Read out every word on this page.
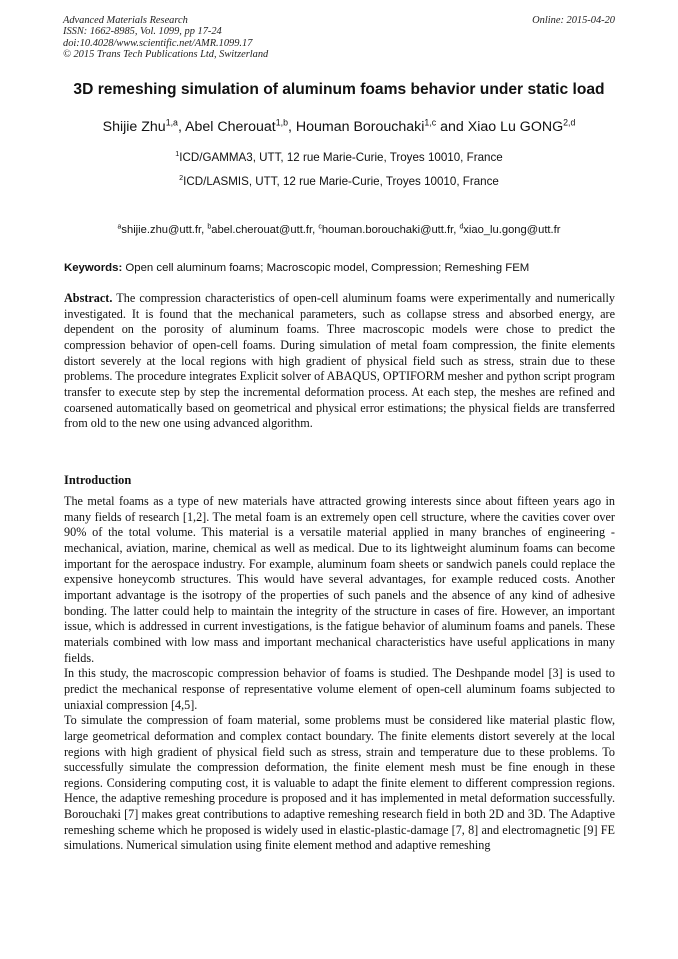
Advanced Materials Research
ISSN: 1662-8985, Vol. 1099, pp 17-24
doi:10.4028/www.scientific.net/AMR.1099.17
© 2015 Trans Tech Publications Ltd, Switzerland
Online: 2015-04-20
3D remeshing simulation of aluminum foams behavior under static load
Shijie Zhu$^{1,a}$, Abel Cherouat$^{1,b}$, Houman Borouchaki$^{1,c}$ and Xiao Lu GONG$^{2,d}$
$^1$ICD/GAMMA3, UTT, 12 rue Marie-Curie, Troyes 10010, France
$^2$ICD/LASMIS, UTT, 12 rue Marie-Curie, Troyes 10010, France
$^a$shijie.zhu@utt.fr, $^b$abel.cherouat@utt.fr, $^c$houman.borouchaki@utt.fr, $^d$xiao_lu.gong@utt.fr
Keywords: Open cell aluminum foams; Macroscopic model, Compression; Remeshing FEM

Abstract. The compression characteristics of open-cell aluminum foams were experimentally and numerically investigated. It is found that the mechanical parameters, such as collapse stress and absorbed energy, are dependent on the porosity of aluminum foams. Three macroscopic models were chose to predict the compression behavior of open-cell foams. During simulation of metal foam compression, the finite elements distort severely at the local regions with high gradient of physical field such as stress, strain due to these problems. The procedure integrates Explicit solver of ABAQUS, OPTIFORM mesher and python script program transfer to execute step by step the incremental deformation process. At each step, the meshes are refined and coarsened automatically based on geometrical and physical error estimations; the physical fields are transferred from old to the new one using advanced algorithm.

Introduction

The metal foams as a type of new materials have attracted growing interests since about fifteen years ago in many fields of research [1,2]. The metal foam is an extremely open cell structure, where the cavities cover over 90% of the total volume. This material is a versatile material applied in many branches of engineering - mechanical, aviation, marine, chemical as well as medical. Due to its lightweight aluminum foams can become important for the aerospace industry. For example, aluminum foam sheets or sandwich panels could replace the expensive honeycomb structures. This would have several advantages, for example reduced costs. Another important advantage is the isotropy of the properties of such panels and the absence of any kind of adhesive bonding. The latter could help to maintain the integrity of the structure in cases of fire. However, an important issue, which is addressed in current investigations, is the fatigue behavior of aluminum foams and panels. These materials combined with low mass and important mechanical characteristics have useful applications in many fields.

In this study, the macroscopic compression behavior of foams is studied. The Deshpande model [3] is used to predict the mechanical response of representative volume element of open-cell aluminum foams subjected to uniaxial compression [4,5].

To simulate the compression of foam material, some problems must be considered like material plastic flow, large geometrical deformation and complex contact boundary. The finite elements distort severely at the local regions with high gradient of physical field such as stress, strain and temperature due to these problems. To successfully simulate the compression deformation, the finite element mesh must be fine enough in these regions. Considering computing cost, it is valuable to adapt the finite element to different compression regions. Hence, the adaptive remeshing procedure is proposed and it has implemented in metal deformation successfully. Borouchaki [7] makes great contributions to adaptive remeshing research field in both 2D and 3D. The Adaptive remeshing scheme which he proposed is widely used in elastic-plastic-damage [7, 8] and electromagnetic [9] FE simulations. Numerical simulation using finite element method and adaptive remeshing
